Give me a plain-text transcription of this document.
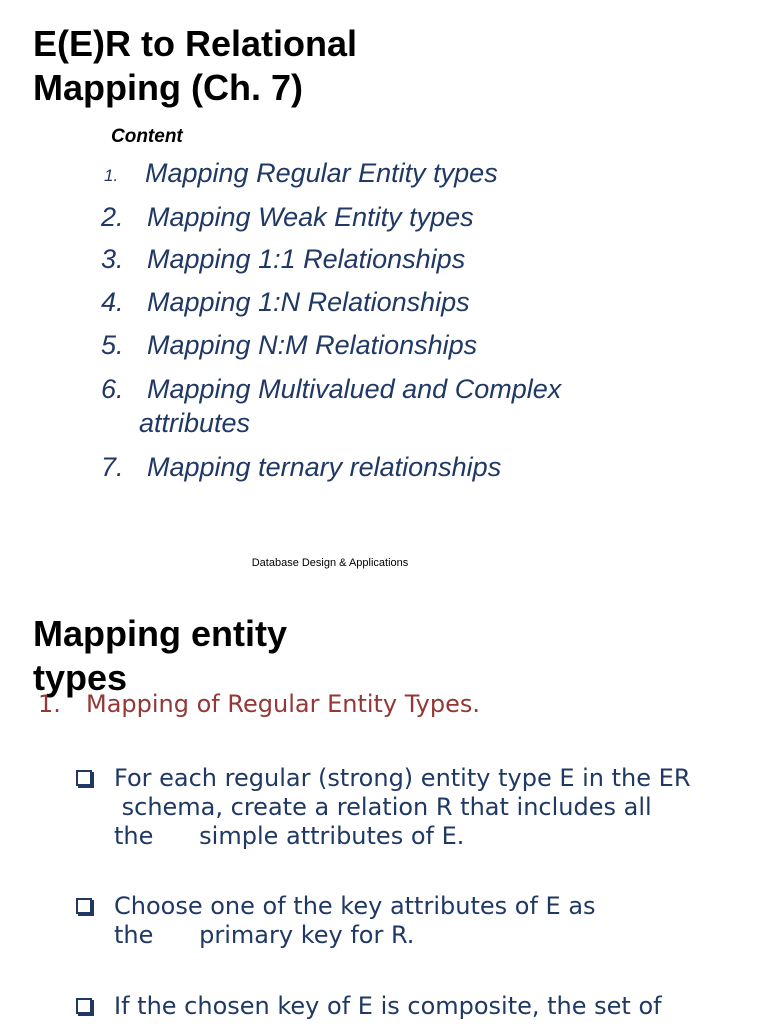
E(E)R to Relational
Mapping (Ch. 7)
Content
1. Mapping Regular Entity types
2. Mapping Weak Entity types
3. Mapping 1:1 Relationships
4. Mapping 1:N Relationships
5. Mapping N:M Relationships
6. Mapping Multivalued and Complex
attributes
7. Mapping ternary relationships
Database Design & Applications
Mapping entity
types
1. Mapping of Regular Entity Types.
For each regular (strong) entity type E in the ER
schema, create a relation R that includes all
the      simple attributes of E.
Choose one of the key attributes of E as
the      primary key for R.
If the chosen key of E is composite, the set of
